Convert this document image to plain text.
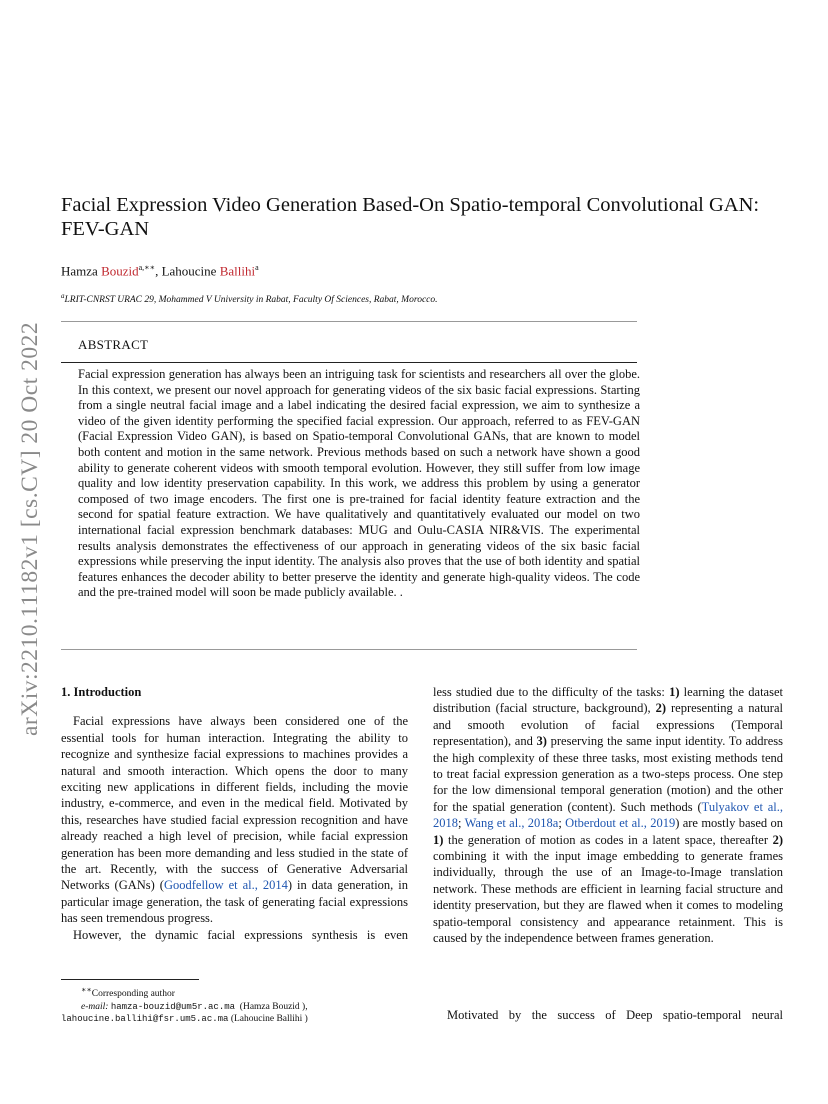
arXiv:2210.11182v1 [cs.CV] 20 Oct 2022
Facial Expression Video Generation Based-On Spatio-temporal Convolutional GAN: FEV-GAN
Hamza Bouzid$^{a,∗∗}$, Lahoucine Ballihi$^a$
$^a$LRIT-CNRST URAC 29, Mohammed V University in Rabat, Faculty Of Sciences, Rabat, Morocco.
ABSTRACT
Facial expression generation has always been an intriguing task for scientists and researchers all over the globe. In this context, we present our novel approach for generating videos of the six basic facial expressions. Starting from a single neutral facial image and a label indicating the desired facial expression, we aim to synthesize a video of the given identity performing the specified facial expression. Our approach, referred to as FEV-GAN (Facial Expression Video GAN), is based on Spatio-temporal Convolutional GANs, that are known to model both content and motion in the same network. Previous methods based on such a network have shown a good ability to generate coherent videos with smooth temporal evolution. However, they still suffer from low image quality and low identity preservation capability. In this work, we address this problem by using a generator composed of two image encoders. The first one is pre-trained for facial identity feature extraction and the second for spatial feature extraction. We have qualitatively and quantitatively evaluated our model on two international facial expression benchmark databases: MUG and Oulu-CASIA NIR&VIS. The experimental results analysis demonstrates the effectiveness of our approach in generating videos of the six basic facial expressions while preserving the input identity. The analysis also proves that the use of both identity and spatial features enhances the decoder ability to better preserve the identity and generate high-quality videos. The code and the pre-trained model will soon be made publicly available. .

1. Introduction

Facial expressions have always been considered one of the essential tools for human interaction. Integrating the ability to recognize and synthesize facial expressions to machines provides a natural and smooth interaction. Which opens the door to many exciting new applications in different fields, including the movie industry, e-commerce, and even in the medical field. Motivated by this, researches have studied facial expression recognition and have already reached a high level of precision, while facial expression generation has been more demanding and less studied in the state of the art. Recently, with the success of Generative Adversarial Networks (GANs) (Goodfellow et al., 2014) in data generation, in particular image generation, the task of generating facial expressions has seen tremendous progress.

However, the dynamic facial expressions synthesis is even

less studied due to the difficulty of the tasks: 1) learning the dataset distribution (facial structure, background), 2) representing a natural and smooth evolution of facial expressions (Temporal representation), and 3) preserving the same input identity. To address the high complexity of these three tasks, most existing methods tend to treat facial expression generation as a two-steps process. One step for the low dimensional temporal generation (motion) and the other for the spatial generation (content). Such methods (Tulyakov et al., 2018; Wang et al., 2018a; Otberdout et al., 2019) are mostly based on 1) the generation of motion as codes in a latent space, thereafter 2) combining it with the input image embedding to generate frames individually, through the use of an Image-to-Image translation network. These methods are efficient in learning facial structure and identity preservation, but they are flawed when it comes to modeling spatio-temporal consistency and appearance retainment. This is caused by the independence between frames generation.

Motivated by the success of Deep spatio-temporal neural
∗∗Corresponding author
e-mail: hamza-bouzid@um5r.ac.ma (Hamza Bouzid ),
lahoucine.ballihi@fsr.um5.ac.ma (Lahoucine Ballihi )
